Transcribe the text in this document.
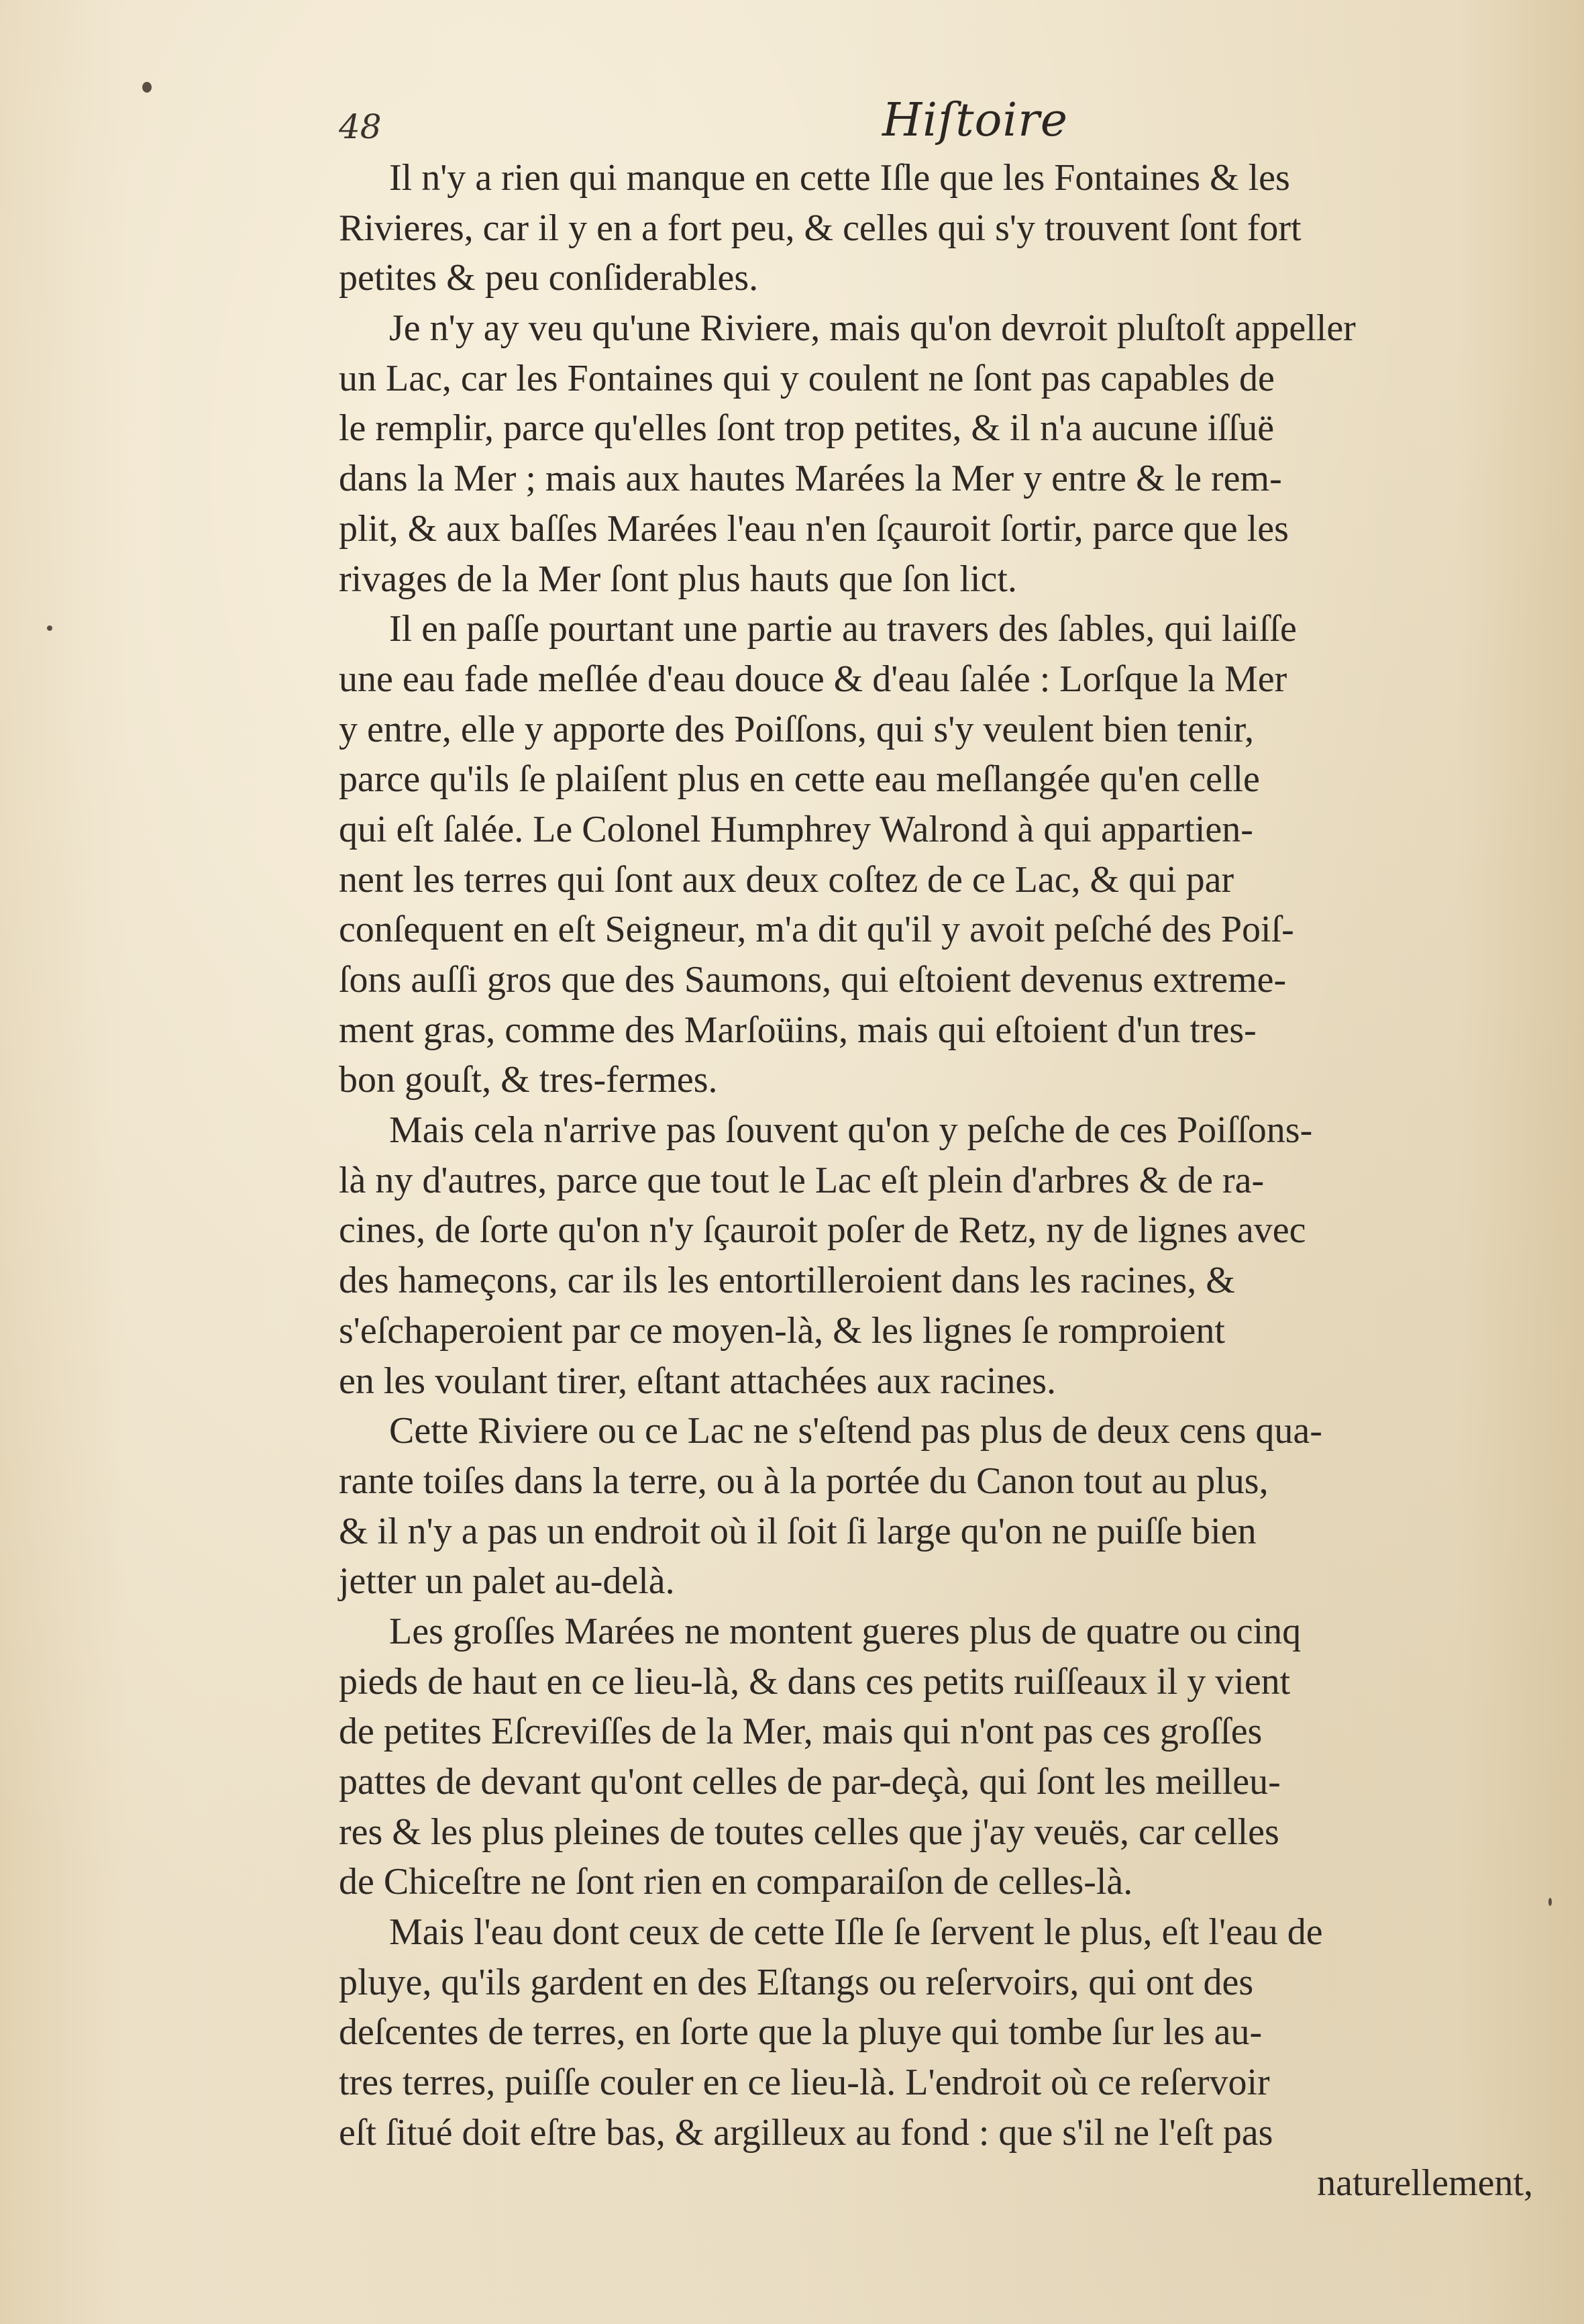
48	Hiſtoire
Il n'y a rien qui manque en cette Iſle que les Fontaines & les
Rivieres, car il y en a fort peu, & celles qui s'y trouvent ſont fort
petites & peu conſiderables.
Je n'y ay veu qu'une Riviere, mais qu'on devroit pluſtoſt appeller
un Lac, car les Fontaines qui y coulent ne ſont pas capables de
le remplir, parce qu'elles ſont trop petites, & il n'a aucune iſſuë
dans la Mer ; mais aux hautes Marées la Mer y entre & le rem-
plit, & aux baſſes Marées l'eau n'en ſçauroit ſortir, parce que les
rivages de la Mer ſont plus hauts que ſon lict.
Il en paſſe pourtant une partie au travers des ſables, qui laiſſe
une eau fade meſlée d'eau douce & d'eau ſalée : Lorſque la Mer
y entre, elle y apporte des Poiſſons, qui s'y veulent bien tenir,
parce qu'ils ſe plaiſent plus en cette eau meſlangée qu'en celle
qui eſt ſalée. Le Colonel Humphrey Walrond à qui appartien-
nent les terres qui ſont aux deux coſtez de ce Lac, & qui par
conſequent en eſt Seigneur, m'a dit qu'il y avoit peſché des Poiſ-
ſons auſſi gros que des Saumons, qui eſtoient devenus extreme-
ment gras, comme des Marſoüins, mais qui eſtoient d'un tres-
bon gouſt, & tres-fermes.
Mais cela n'arrive pas ſouvent qu'on y peſche de ces Poiſſons-
là ny d'autres, parce que tout le Lac eſt plein d'arbres & de ra-
cines, de ſorte qu'on n'y ſçauroit poſer de Retz, ny de lignes avec
des hameçons, car ils les entortilleroient dans les racines, &
s'eſchaperoient par ce moyen-là, & les lignes ſe romproient
en les voulant tirer, eſtant attachées aux racines.
Cette Riviere ou ce Lac ne s'eſtend pas plus de deux cens qua-
rante toiſes dans la terre, ou à la portée du Canon tout au plus,
& il n'y a pas un endroit où il ſoit ſi large qu'on ne puiſſe bien
jetter un palet au-delà.
Les groſſes Marées ne montent gueres plus de quatre ou cinq
pieds de haut en ce lieu-là, & dans ces petits ruiſſeaux il y vient
de petites Eſcreviſſes de la Mer, mais qui n'ont pas ces groſſes
pattes de devant qu'ont celles de par-deçà, qui ſont les meilleu-
res & les plus pleines de toutes celles que j'ay veuës, car celles
de Chiceſtre ne ſont rien en comparaiſon de celles-là.
Mais l'eau dont ceux de cette Iſle ſe ſervent le plus, eſt l'eau de
pluye, qu'ils gardent en des Eſtangs ou reſervoirs, qui ont des
deſcentes de terres, en ſorte que la pluye qui tombe ſur les au-
tres terres, puiſſe couler en ce lieu-là. L'endroit où ce reſervoir
eſt ſitué doit eſtre bas, & argilleux au fond : que s'il ne l'eſt pas
naturellement,
